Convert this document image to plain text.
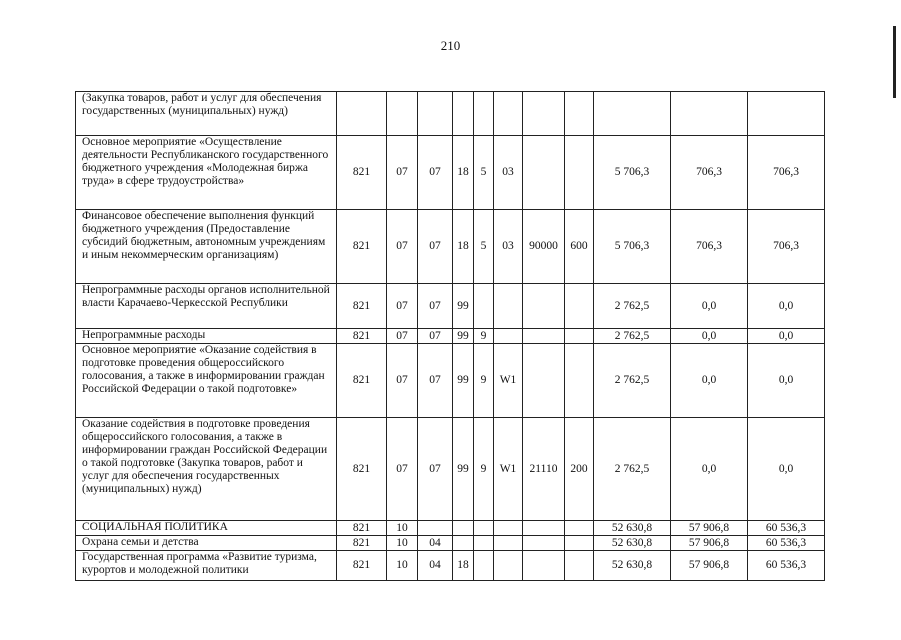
210
(Закупка товаров, работ и услуг для обеспечения государственных (муниципальных) нужд)											
Основное мероприятие «Осуществление деятельности Республиканского государственного бюджетного учреждения «Молодежная биржа труда» в сфере трудоустройства»	821	07	07	18	5	03			5 706,3	706,3	706,3
Финансовое обеспечение выполнения функций бюджетного учреждения (Предоставление субсидий бюджетным, автономным учреждениям и иным некоммерческим организациям)	821	07	07	18	5	03	90000	600	5 706,3	706,3	706,3
Непрограммные расходы органов исполнительной власти Карачаево-Черкесской Республики	821	07	07	99					2 762,5	0,0	0,0
Непрограммные расходы	821	07	07	99	9				2 762,5	0,0	0,0
Основное мероприятие «Оказание содействия в подготовке проведения общероссийского голосования, а также в информировании граждан Российской Федерации о такой подготовке»	821	07	07	99	9	W1			2 762,5	0,0	0,0
Оказание содействия в подготовке проведения общероссийского голосования, а также в информировании граждан Российской Федерации о такой подготовке (Закупка товаров, работ и услуг для обеспечения государственных (муниципальных) нужд)	821	07	07	99	9	W1	21110	200	2 762,5	0,0	0,0
СОЦИАЛЬНАЯ ПОЛИТИКА	821	10							52 630,8	57 906,8	60 536,3
Охрана семьи и детства	821	10	04						52 630,8	57 906,8	60 536,3
Государственная программа «Развитие туризма, курортов и молодежной политики	821	10	04	18					52 630,8	57 906,8	60 536,3
